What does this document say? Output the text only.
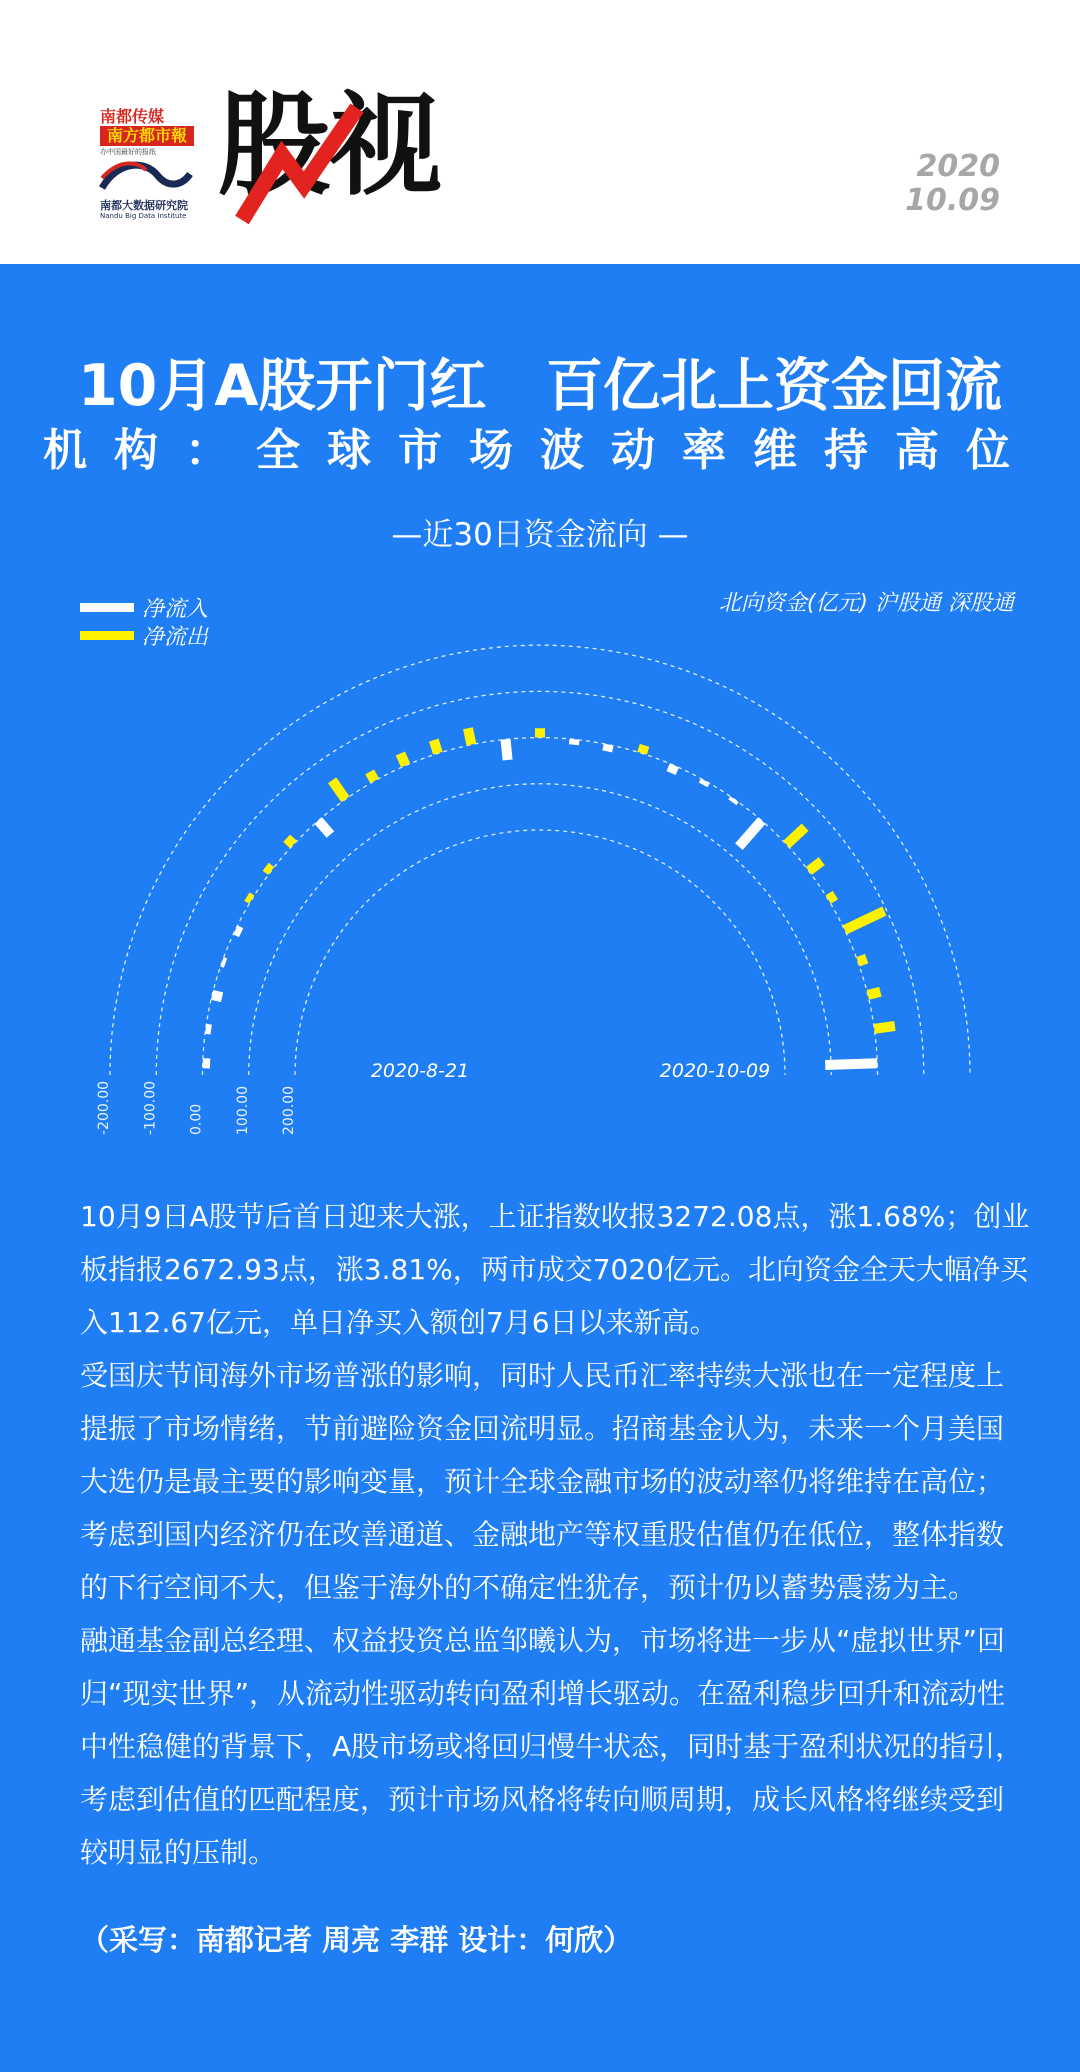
南都传媒
南方都市報
办中国最好的报纸
南都大数据研究院
Nandu Big Data Institute
股视	2020
10.09
10月A股开门红   百亿北上资金回流
机构：全球市场波动率维持高位
—近30日资金流向 —
净流入
净流出
北向资金(亿元) 沪股通 深股通
200.00
100.00
0.00
-100.00
-200.00
2020-8-21	2020-10-09

10月9日A股节后首日迎来大涨，上证指数收报3272.08点，涨1.68%；创业板指报2672.93点，涨3.81%，两市成交7020亿元。北向资金全天大幅净买入112.67亿元，单日净买入额创7月6日以来新高。

受国庆节间海外市场普涨的影响，同时人民币汇率持续大涨也在一定程度上提振了市场情绪，节前避险资金回流明显。招商基金认为，未来一个月美国大选仍是最主要的影响变量，预计全球金融市场的波动率仍将维持在高位；考虑到国内经济仍在改善通道、金融地产等权重股估值仍在低位，整体指数的下行空间不大，但鉴于海外的不确定性犹存，预计仍以蓄势震荡为主。

融通基金副总经理、权益投资总监邹曦认为，市场将进一步从“虚拟世界”回归“现实世界”，从流动性驱动转向盈利增长驱动。在盈利稳步回升和流动性中性稳健的背景下，A股市场或将回归慢牛状态，同时基于盈利状况的指引，考虑到估值的匹配程度，预计市场风格将转向顺周期，成长风格将继续受到较明显的压制。

（采写：南都记者 周亮 李群 设计：何欣）
